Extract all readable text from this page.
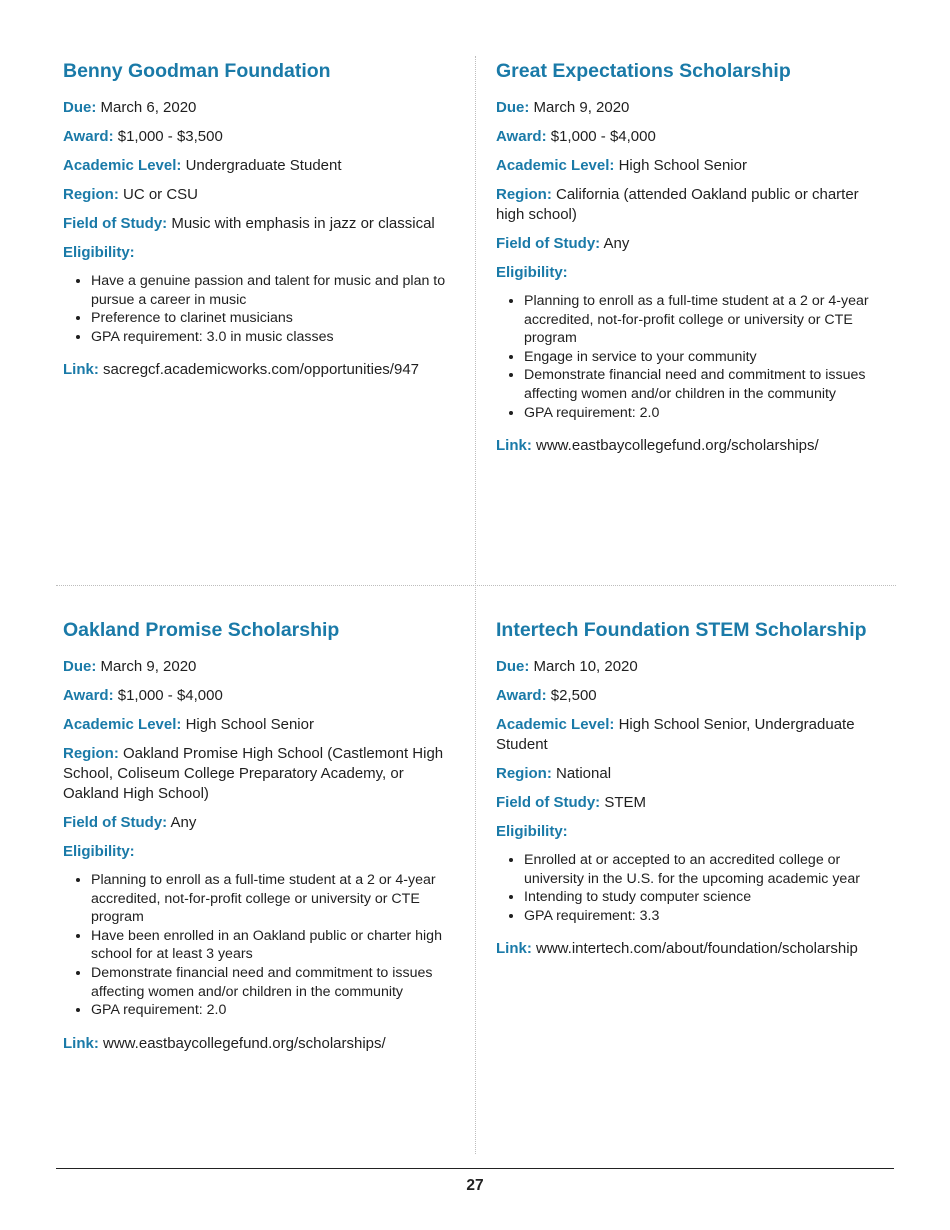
Benny Goodman Foundation

Due: March 6, 2020

Award: $1,000 - $3,500

Academic Level: Undergraduate Student

Region: UC or CSU

Field of Study: Music with emphasis in jazz or classical

Eligibility:

• Have a genuine passion and talent for music and plan to pursue a career in music
• Preference to clarinet musicians
• GPA requirement: 3.0 in music classes

Link: sacregcf.academicworks.com/opportunities/947

Great Expectations Scholarship

Due: March 9, 2020

Award: $1,000 - $4,000

Academic Level: High School Senior

Region: California (attended Oakland public or charter high school)

Field of Study: Any

Eligibility:

• Planning to enroll as a full-time student at a 2 or 4-year accredited, not-for-profit college or university or CTE program
• Engage in service to your community
• Demonstrate financial need and commitment to issues affecting women and/or children in the community
• GPA requirement: 2.0

Link: www.eastbaycollegefund.org/scholarships/

Oakland Promise Scholarship

Due: March 9, 2020

Award: $1,000 - $4,000

Academic Level: High School Senior

Region: Oakland Promise High School (Castlemont High School, Coliseum College Preparatory Academy, or Oakland High School)

Field of Study: Any

Eligibility:

• Planning to enroll as a full-time student at a 2 or 4-year accredited, not-for-profit college or university or CTE program
• Have been enrolled in an Oakland public or charter high school for at least 3 years
• Demonstrate financial need and commitment to issues affecting women and/or children in the community
• GPA requirement: 2.0

Link: www.eastbaycollegefund.org/scholarships/

Intertech Foundation STEM Scholarship

Due: March 10, 2020

Award: $2,500

Academic Level: High School Senior, Undergraduate Student

Region: National

Field of Study: STEM

Eligibility:

• Enrolled at or accepted to an accredited college or university in the U.S. for the upcoming academic year
• Intending to study computer science
• GPA requirement: 3.3

Link: www.intertech.com/about/foundation/scholarship

27
